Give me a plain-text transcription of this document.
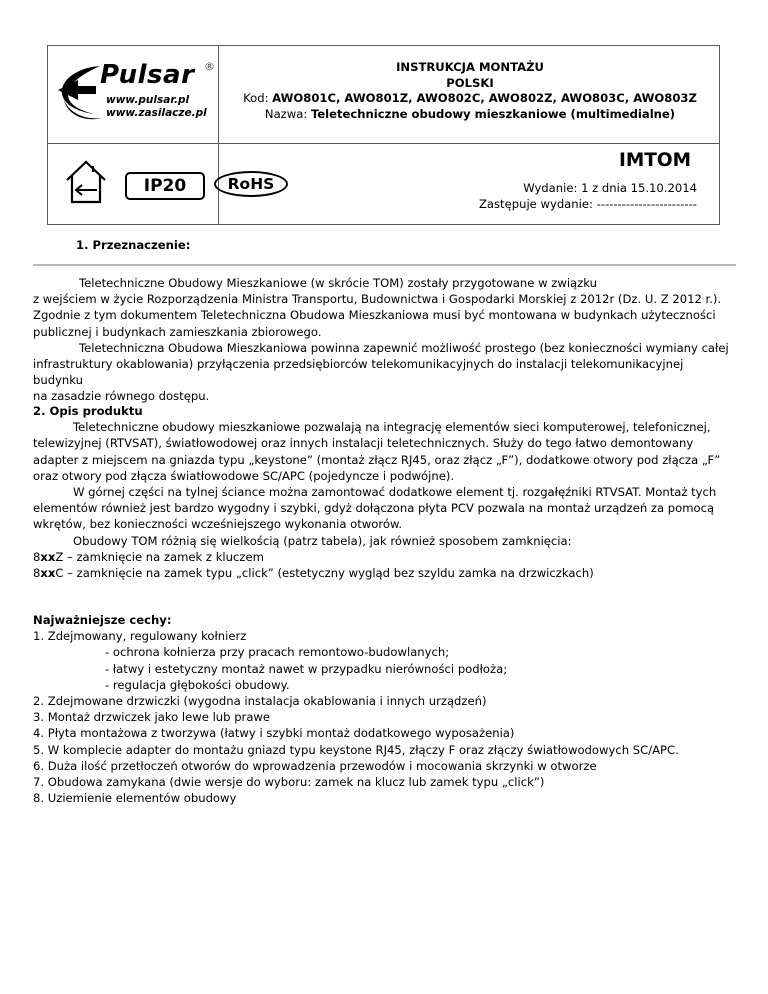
Pulsar ®
www.pulsar.pl
www.zasilacze.pl
INSTRUKCJA MONTAŻU
POLSKI
Kod: AWO801C, AWO801Z, AWO802C, AWO802Z, AWO803C, AWO803Z
Nazwa: Teletechniczne obudowy mieszkaniowe (multimedialne)
IP20	RoHS
IMTOM
Wydanie: 1 z dnia 15.10.2014
Zastępuje wydanie: ------------------------
1. Przeznaczenie:

Teletechniczne Obudowy Mieszkaniowe (w skrócie TOM) zostały przygotowane w związku

z wejściem w życie Rozporządzenia Ministra Transportu, Budownictwa i Gospodarki Morskiej z 2012r (Dz. U. Z 2012 r.).

Zgodnie z tym dokumentem Teletechniczna Obudowa Mieszkaniowa musi być montowana w budynkach użyteczności

publicznej i budynkach zamieszkania zbiorowego.

Teletechniczna Obudowa Mieszkaniowa powinna zapewnić możliwość prostego (bez konieczności wymiany całej

infrastruktury okablowania) przyłączenia przedsiębiorców telekomunikacyjnych do instalacji telekomunikacyjnej budynku

na zasadzie równego dostępu.

2. Opis produktu

Teletechniczne obudowy mieszkaniowe pozwalają na integrację elementów sieci komputerowej, telefonicznej,

telewizyjnej (RTVSAT), światłowodowej oraz innych instalacji teletechnicznych. Służy do tego łatwo demontowany

adapter z miejscem na gniazda typu „keystone” (montaż złącz RJ45, oraz złącz „F”), dodatkowe otwory pod złącza „F”

oraz otwory pod złącza światłowodowe SC/APC (pojedyncze i podwójne).

W górnej części na tylnej ściance można zamontować dodatkowe element tj. rozgałęźniki RTVSAT. Montaż tych

elementów również jest bardzo wygodny i szybki, gdyż dołączona płyta PCV pozwala na montaż urządzeń za pomocą

wkrętów, bez konieczności wcześniejszego wykonania otworów.

Obudowy TOM różnią się wielkością (patrz tabela), jak również sposobem zamknięcia:

8xxZ – zamknięcie na zamek z kluczem

8xxC – zamknięcie na zamek typu „click” (estetyczny wygląd bez szyldu zamka na drzwiczkach)

Najważniejsze cechy:

1. Zdejmowany, regulowany kołnierz

- ochrona kołnierza przy pracach remontowo-budowlanych;

- łatwy i estetyczny montaż nawet w przypadku nierówności podłoża;

- regulacja głębokości obudowy.

2. Zdejmowane drzwiczki (wygodna instalacja okablowania i innych urządzeń)

3. Montaż drzwiczek jako lewe lub prawe

4. Płyta montażowa z tworzywa (łatwy i szybki montaż dodatkowego wyposażenia)

5. W komplecie adapter do montażu gniazd typu keystone RJ45, złączy F oraz złączy światłowodowych SC/APC.

6. Duża ilość przetłoczeń otworów do wprowadzenia przewodów i mocowania skrzynki w otworze

7. Obudowa zamykana (dwie wersje do wyboru: zamek na klucz lub zamek typu „click”)

8. Uziemienie elementów obudowy
